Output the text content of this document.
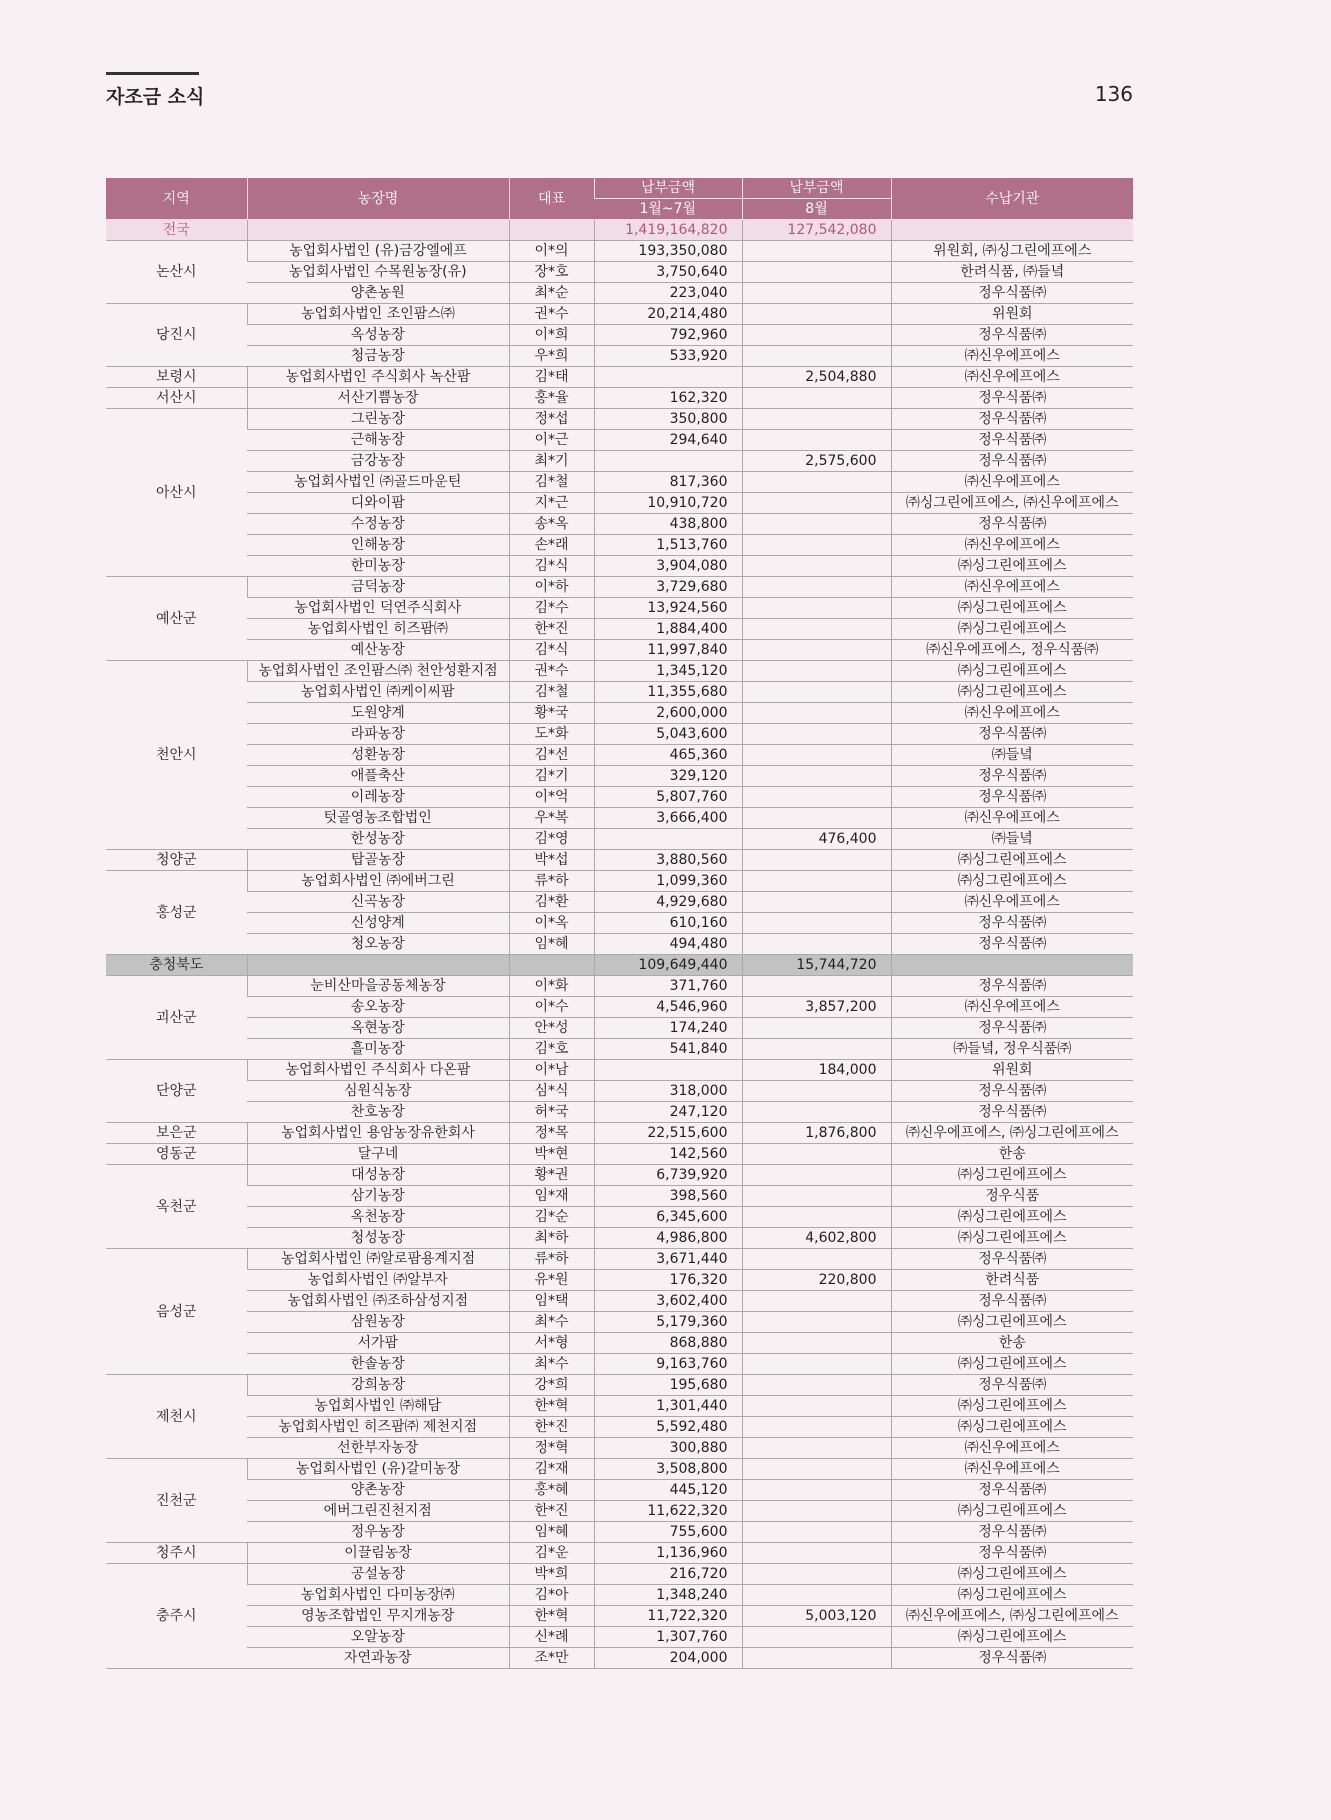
자조금 소식	136
지역	농장명	대표	납부금액	납부금액	수납기관
			1월~7월	8월	
전국			1,419,164,820	127,542,080	
논산시	농업회사법인 (유)금강엘에프	이*의	193,350,080		위원회, ㈜싱그린에프에스
	농업회사법인 수목원농장(유)	장*호	3,750,640		한려식품, ㈜들녘
	양촌농원	최*순	223,040		정우식품㈜
당진시	농업회사법인 조인팜스㈜	권*수	20,214,480		위원회
	옥성농장	이*희	792,960		정우식품㈜
	청금농장	우*희	533,920		㈜신우에프에스
보령시	농업회사법인 주식회사 녹산팜	김*태		2,504,880	㈜신우에프에스
서산시	서산기쁨농장	홍*율	162,320		정우식품㈜
아산시	그린농장	정*섭	350,800		정우식품㈜
	근해농장	이*근	294,640		정우식품㈜
	금강농장	최*기		2,575,600	정우식품㈜
	농업회사법인 ㈜골드마운틴	김*철	817,360		㈜신우에프에스
	디와이팜	지*근	10,910,720		㈜싱그린에프에스, ㈜신우에프에스
	수정농장	송*옥	438,800		정우식품㈜
	인해농장	손*래	1,513,760		㈜신우에프에스
	한미농장	김*식	3,904,080		㈜싱그린에프에스
예산군	금덕농장	이*하	3,729,680		㈜신우에프에스
	농업회사법인 덕연주식회사	김*수	13,924,560		㈜싱그린에프에스
	농업회사법인 히즈팜㈜	한*진	1,884,400		㈜싱그린에프에스
	예산농장	김*식	11,997,840		㈜신우에프에스, 정우식품㈜
천안시	농업회사법인 조인팜스㈜ 천안성환지점	권*수	1,345,120		㈜싱그린에프에스
	농업회사법인 ㈜케이씨팜	김*철	11,355,680		㈜싱그린에프에스
	도원양계	황*국	2,600,000		㈜신우에프에스
	라파농장	도*화	5,043,600		정우식품㈜
	성환농장	김*선	465,360		㈜들녘
	애플축산	김*기	329,120		정우식품㈜
	이레농장	이*억	5,807,760		정우식품㈜
	텃골영농조합법인	우*복	3,666,400		㈜신우에프에스
	한성농장	김*영		476,400	㈜들녘
청양군	탑골농장	박*섭	3,880,560		㈜싱그린에프에스
홍성군	농업회사법인 ㈜에버그린	류*하	1,099,360		㈜싱그린에프에스
	신곡농장	김*환	4,929,680		㈜신우에프에스
	신성양계	이*옥	610,160		정우식품㈜
	청오농장	임*혜	494,480		정우식품㈜
충청북도			109,649,440	15,744,720	
괴산군	눈비산마을공동체농장	이*화	371,760		정우식품㈜
	송오농장	이*수	4,546,960	3,857,200	㈜신우에프에스
	옥현농장	안*성	174,240		정우식품㈜
	흘미농장	김*호	541,840		㈜들녘, 정우식품㈜
단양군	농업회사법인 주식회사 다온팜	이*남		184,000	위원회
	심원식농장	심*식	318,000		정우식품㈜
	찬호농장	허*국	247,120		정우식품㈜
보은군	농업회사법인 용암농장유한회사	정*목	22,515,600	1,876,800	㈜신우에프에스, ㈜싱그린에프에스
영동군	달구네	박*현	142,560		한송
옥천군	대성농장	황*권	6,739,920		㈜싱그린에프에스
	삼기농장	임*재	398,560		정우식품
	옥천농장	김*순	6,345,600		㈜싱그린에프에스
	청성농장	최*하	4,986,800	4,602,800	㈜싱그린에프에스
음성군	농업회사법인 ㈜알로팜용계지점	류*하	3,671,440		정우식품㈜
	농업회사법인 ㈜알부자	유*원	176,320	220,800	한려식품
	농업회사법인 ㈜조하삼성지점	임*택	3,602,400		정우식품㈜
	삼원농장	최*수	5,179,360		㈜싱그린에프에스
	서가팜	서*형	868,880		한송
	한솔농장	최*수	9,163,760		㈜싱그린에프에스
제천시	강희농장	강*희	195,680		정우식품㈜
	농업회사법인 ㈜해담	한*혁	1,301,440		㈜싱그린에프에스
	농업회사법인 히즈팜㈜ 제천지점	한*진	5,592,480		㈜싱그린에프에스
	선한부자농장	정*혁	300,880		㈜신우에프에스
진천군	농업회사법인 (유)갈미농장	김*재	3,508,800		㈜신우에프에스
	양촌농장	홍*혜	445,120		정우식품㈜
	에버그린진천지점	한*진	11,622,320		㈜싱그린에프에스
	정우농장	임*혜	755,600		정우식품㈜
청주시	이끌림농장	김*운	1,136,960		정우식품㈜
충주시	공설농장	박*희	216,720		㈜싱그린에프에스
	농업회사법인 다미농장㈜	김*아	1,348,240		㈜싱그린에프에스
	영농조합법인 무지개농장	한*혁	11,722,320	5,003,120	㈜신우에프에스, ㈜싱그린에프에스
	오알농장	신*례	1,307,760		㈜싱그린에프에스
	자연과농장	조*만	204,000		정우식품㈜
